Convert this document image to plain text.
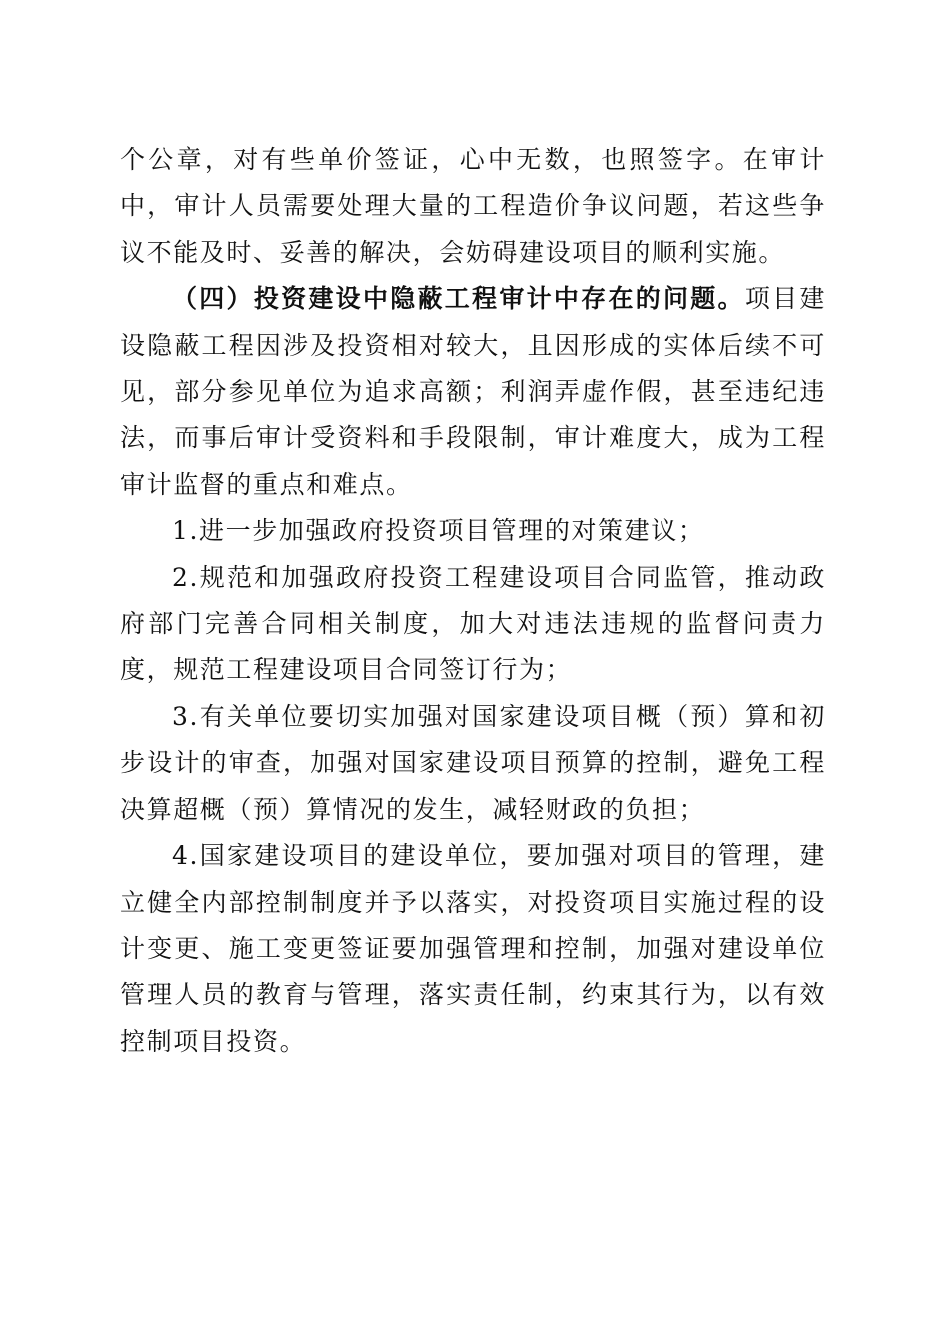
个公章，对有些单价签证，心中无数，也照签字。在审计中，审计人员需要处理大量的工程造价争议问题，若这些争议不能及时、妥善的解决，会妨碍建设项目的顺利实施。

（四）投资建设中隐蔽工程审计中存在的问题。项目建设隐蔽工程因涉及投资相对较大，且因形成的实体后续不可见，部分参见单位为追求高额；利润弄虚作假，甚至违纪违法，而事后审计受资料和手段限制，审计难度大，成为工程审计监督的重点和难点。

1.进一步加强政府投资项目管理的对策建议；

2.规范和加强政府投资工程建设项目合同监管，推动政府部门完善合同相关制度，加大对违法违规的监督问责力度，规范工程建设项目合同签订行为；

3.有关单位要切实加强对国家建设项目概（预）算和初步设计的审查，加强对国家建设项目预算的控制，避免工程决算超概（预）算情况的发生，减轻财政的负担；

4.国家建设项目的建设单位，要加强对项目的管理，建立健全内部控制制度并予以落实，对投资项目实施过程的设计变更、施工变更签证要加强管理和控制，加强对建设单位管理人员的教育与管理，落实责任制，约束其行为，以有效控制项目投资。
